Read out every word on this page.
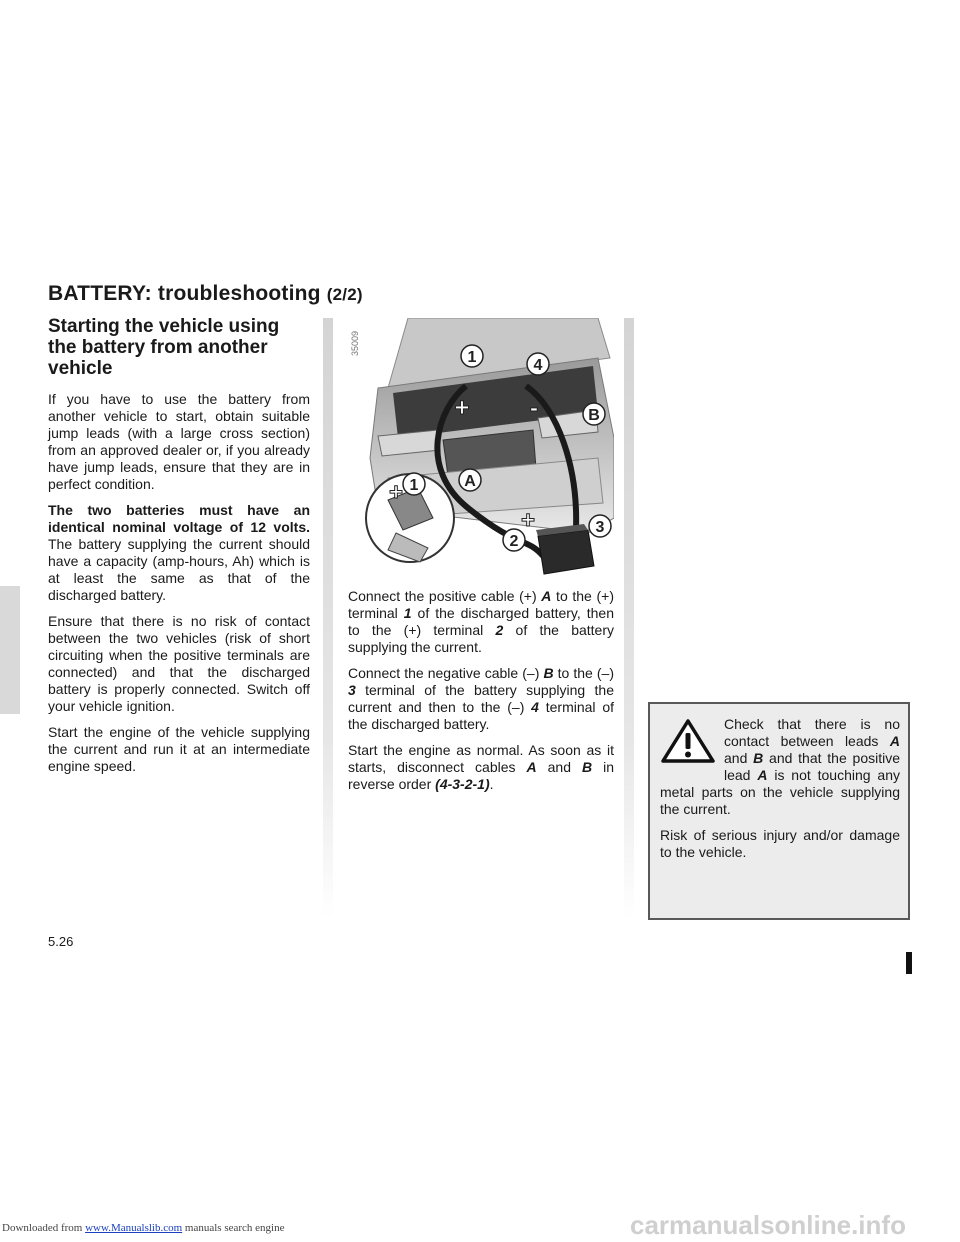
BATTERY: troubleshooting (2/2)
Starting the vehicle using the battery from another vehicle

If you have to use the battery from another vehicle to start, obtain suitable jump leads (with a large cross section) from an approved dealer or, if you already have jump leads, ensure that they are in perfect condition.

The two batteries must have an identical nominal voltage of 12 volts. The battery supplying the current should have a capacity (amp-hours, Ah) which is at least the same as that of the discharged battery.

Ensure that there is no risk of contact between the two vehicles (risk of short circuiting when the positive terminals are connected) and that the discharged battery is properly connected. Switch off your vehicle ignition.

Start the engine of the vehicle supplying the current and run it at an intermediate engine speed.

1	4
B
A
1
2
3
+ -
+
+
35009

Connect the positive cable (+) A to the (+) terminal 1 of the discharged battery, then to the (+) terminal 2 of the battery supplying the current.

Connect the negative cable (–) B to the (–) 3 terminal of the battery supplying the current and then to the (–) 4 terminal of the discharged battery.

Start the engine as normal. As soon as it starts, disconnect cables A and B in reverse order (4-3-2-1).

Check that there is no contact between leads A and B and that the positive lead A is not touching any metal parts on the vehicle supplying the current.

Risk of serious injury and/or damage to the vehicle.

5.26
Downloaded from www.Manualslib.com manuals search engine	carmanualsonline.info
